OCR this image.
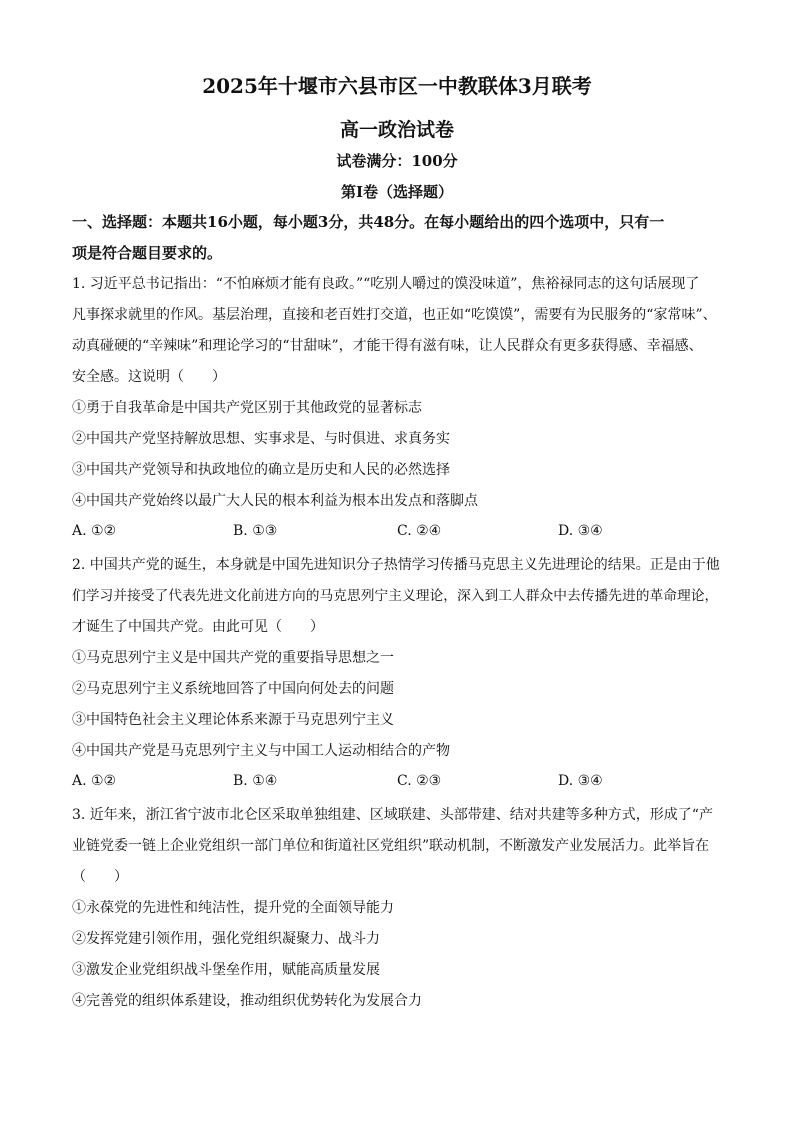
2025年十堰市六县市区一中教联体3月联考
高一政治试卷
试卷满分：100分
第Ⅰ卷（选择题）
一、选择题：本题共16小题，每小题3分，共48分。在每小题给出的四个选项中，只有一
项是符合题目要求的。
1. 习近平总书记指出：“不怕麻烦才能有良政。”“吃别人嚼过的馍没味道”，焦裕禄同志的这句话展现了
凡事探求就里的作风。基层治理，直接和老百姓打交道，也正如“吃馍馍”，需要有为民服务的“家常味”、
动真碰硬的“辛辣味”和理论学习的“甘甜味”，才能干得有滋有味，让人民群众有更多获得感、幸福感、
安全感。这说明（　　）
①勇于自我革命是中国共产党区别于其他政党的显著标志
②中国共产党坚持解放思想、实事求是、与时俱进、求真务实
③中国共产党领导和执政地位的确立是历史和人民的必然选择
④中国共产党始终以最广大人民的根本利益为根本出发点和落脚点
A. ①②	B. ①③	C. ②④	D. ③④
2. 中国共产党的诞生，本身就是中国先进知识分子热情学习传播马克思主义先进理论的结果。正是由于他
们学习并接受了代表先进文化前进方向的马克思列宁主义理论，深入到工人群众中去传播先进的革命理论，
才诞生了中国共产党。由此可见（　　）
①马克思列宁主义是中国共产党的重要指导思想之一
②马克思列宁主义系统地回答了中国向何处去的问题
③中国特色社会主义理论体系来源于马克思列宁主义
④中国共产党是马克思列宁主义与中国工人运动相结合的产物
A. ①②	B. ①④	C. ②③	D. ③④
3. 近年来，浙江省宁波市北仑区采取单独组建、区域联建、头部带建、结对共建等多种方式，形成了“产
业链党委一链上企业党组织一部门单位和街道社区党组织”联动机制，不断激发产业发展活力。此举旨在
（　　）
①永葆党的先进性和纯洁性，提升党的全面领导能力
②发挥党建引领作用，强化党组织凝聚力、战斗力
③激发企业党组织战斗堡垒作用，赋能高质量发展
④完善党的组织体系建设，推动组织优势转化为发展合力
